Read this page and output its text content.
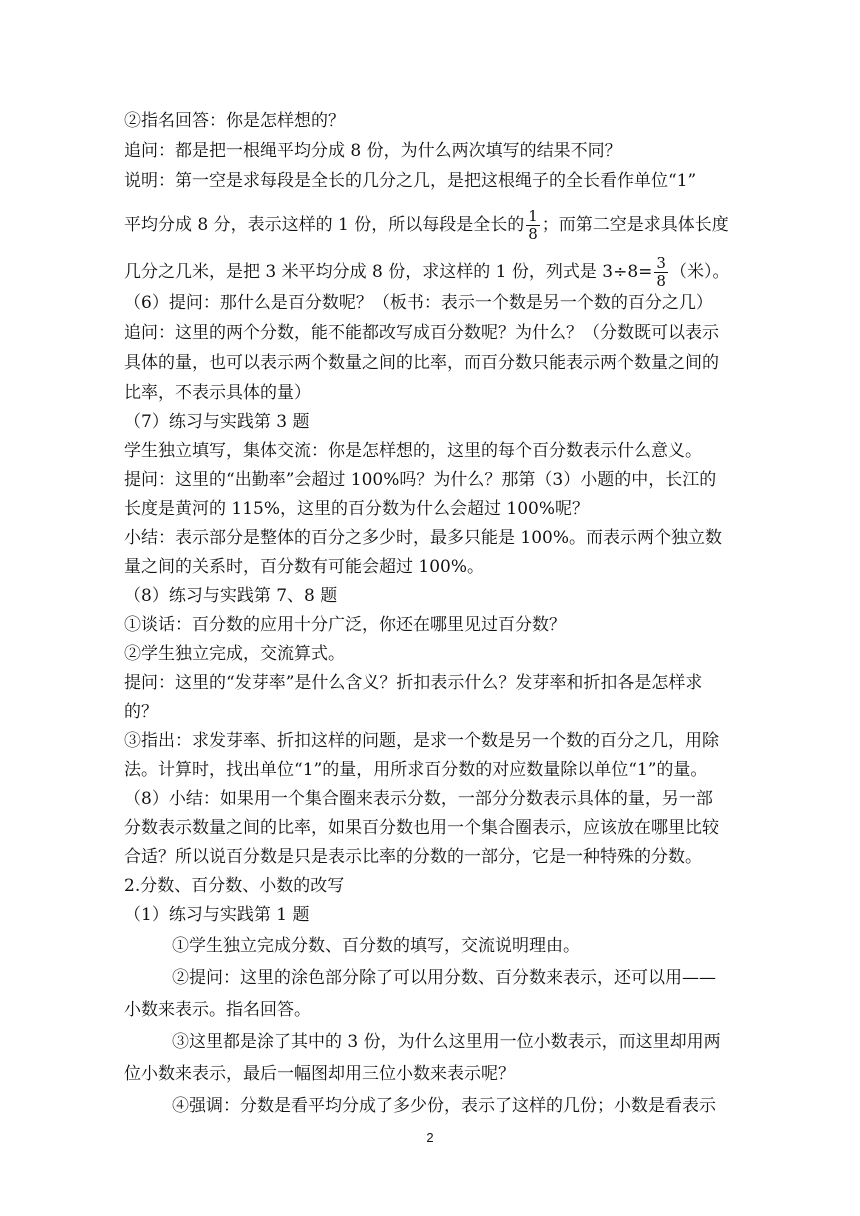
②指名回答：你是怎样想的？
追问：都是把一根绳平均分成 8 份，为什么两次填写的结果不同？
说明：第一空是求每段是全长的几分之几，是把这根绳子的全长看作单位“1”
平均分成 8 分，表示这样的 1 份，所以每段是全长的 $\frac{1}{8}$ ；而第二空是求具体长度
几分之几米，是把 3 米平均分成 8 份，求这样的 1 份，列式是 $3\div 8= \frac{3}{8}$ （米）。
（6）提问：那什么是百分数呢？（板书：表示一个数是另一个数的百分之几）
追问：这里的两个分数，能不能都改写成百分数呢？为什么？（分数既可以表示
具体的量，也可以表示两个数量之间的比率，而百分数只能表示两个数量之间的
比率，不表示具体的量）
（7）练习与实践第 3 题
学生独立填写，集体交流：你是怎样想的，这里的每个百分数表示什么意义。
提问：这里的“出勤率”会超过 100%吗？为什么？那第（3）小题的中，长江的
长度是黄河的 115%，这里的百分数为什么会超过 100%呢？
小结：表示部分是整体的百分之多少时，最多只能是 100%。而表示两个独立数
量之间的关系时，百分数有可能会超过 100%。
（8）练习与实践第 7、8 题
①谈话：百分数的应用十分广泛，你还在哪里见过百分数？
②学生独立完成，交流算式。
提问：这里的“发芽率”是什么含义？折扣表示什么？发芽率和折扣各是怎样求
的？
③指出：求发芽率、折扣这样的问题，是求一个数是另一个数的百分之几，用除
法。计算时，找出单位“1”的量，用所求百分数的对应数量除以单位“1”的量。
（8）小结：如果用一个集合圈来表示分数，一部分分数表示具体的量，另一部
分数表示数量之间的比率，如果百分数也用一个集合圈表示，应该放在哪里比较
合适？所以说百分数是只是表示比率的分数的一部分，它是一种特殊的分数。
2.分数、百分数、小数的改写
（1）练习与实践第 1 题
①学生独立完成分数、百分数的填写，交流说明理由。
②提问：这里的涂色部分除了可以用分数、百分数来表示，还可以用——
小数来表示。指名回答。
③这里都是涂了其中的 3 份，为什么这里用一位小数表示，而这里却用两
位小数来表示，最后一幅图却用三位小数来表示呢？
④强调：分数是看平均分成了多少份，表示了这样的几份；小数是看表示
2
